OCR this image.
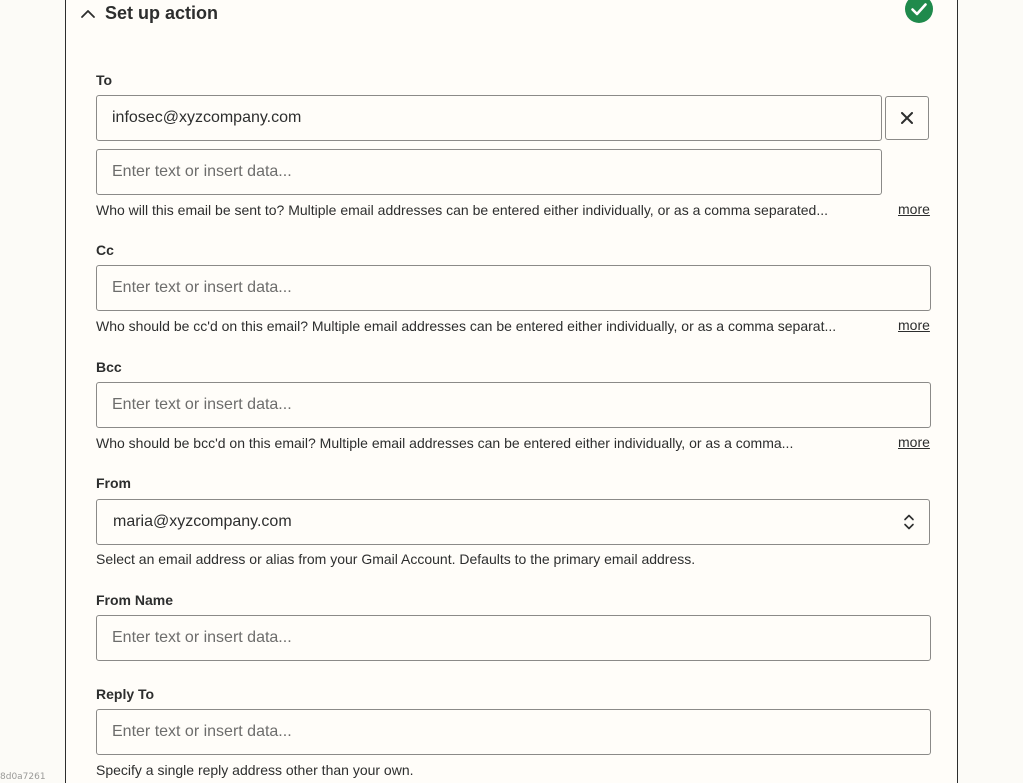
Set up action
To
infosec@xyzcompany.com
Enter text or insert data...
Who will this email be sent to? Multiple email addresses can be entered either individually, or as a comma separated...	more
Cc
Enter text or insert data...
Who should be cc'd on this email? Multiple email addresses can be entered either individually, or as a comma separat...	more
Bcc
Enter text or insert data...
Who should be bcc'd on this email? Multiple email addresses can be entered either individually, or as a comma...	more
From
maria@xyzcompany.com
Select an email address or alias from your Gmail Account. Defaults to the primary email address.
From Name
Enter text or insert data...
Reply To
Enter text or insert data...
Specify a single reply address other than your own.
8d0a7261
